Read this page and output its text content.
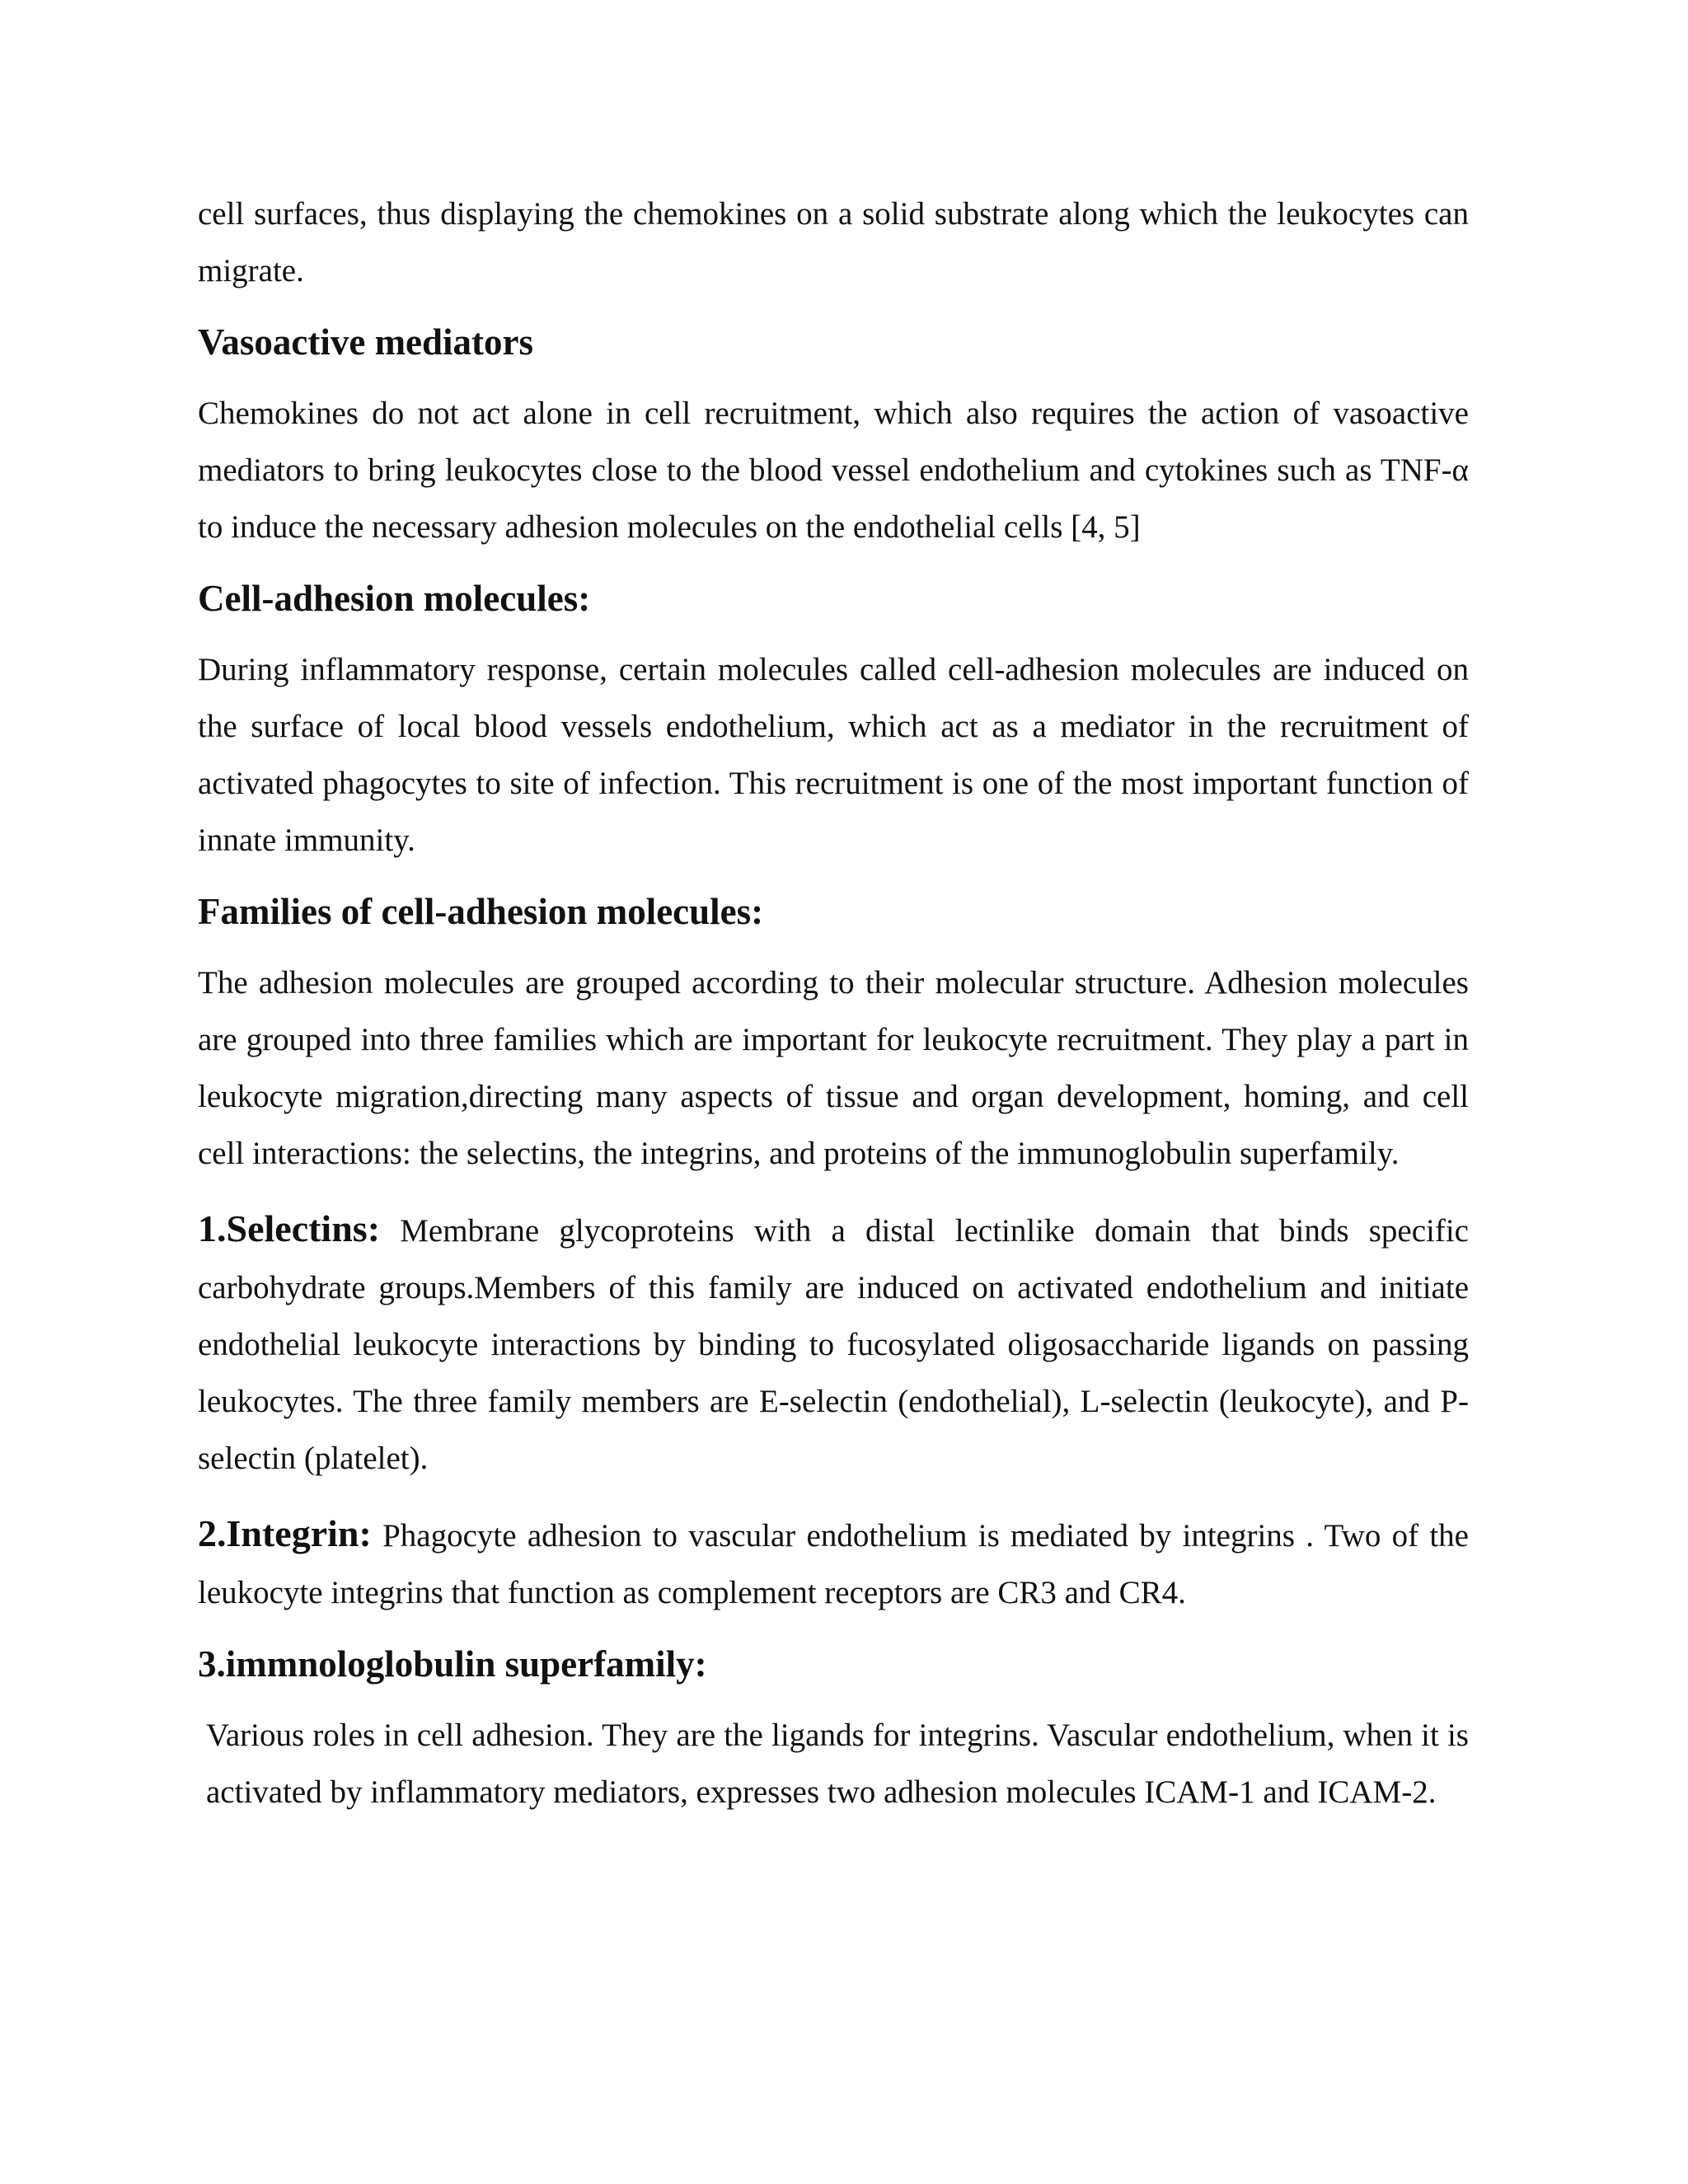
cell surfaces, thus displaying the chemokines on a solid substrate along which the leukocytes can migrate.

Vasoactive mediators

Chemokines do not act alone in cell recruitment, which also requires the action of vasoactive mediators to bring leukocytes close to the blood vessel endothelium and cytokines such as TNF-α to induce the necessary adhesion molecules on the endothelial cells [4, 5]

Cell-adhesion molecules:

During inflammatory response, certain molecules called cell-adhesion molecules are induced on the surface of local blood vessels endothelium, which act as a mediator in the recruitment of activated phagocytes to site of infection. This recruitment is one of the most important function of innate immunity.

Families of cell-adhesion molecules:

The adhesion molecules are grouped according to their molecular structure. Adhesion molecules are grouped into three families which are important for leukocyte recruitment. They play a part in leukocyte migration,directing many aspects of tissue and organ development, homing, and cell cell interactions: the selectins, the integrins, and proteins of the immunoglobulin superfamily.

1.Selectins: Membrane glycoproteins with a distal lectinlike domain that binds specific carbohydrate groups.Members of this family are induced on activated endothelium and initiate endothelial leukocyte interactions by binding to fucosylated oligosaccharide ligands on passing leukocytes. The three family members are E-selectin (endothelial), L-selectin (leukocyte), and P-selectin (platelet).

2.Integrin: Phagocyte adhesion to vascular endothelium is mediated by integrins . Two of the leukocyte integrins that function as complement receptors are CR3 and CR4.

3.immnologlobulin superfamily:

Various roles in cell adhesion. They are the ligands for integrins. Vascular endothelium, when it is activated by inflammatory mediators, expresses two adhesion molecules ICAM-1 and ICAM-2.
